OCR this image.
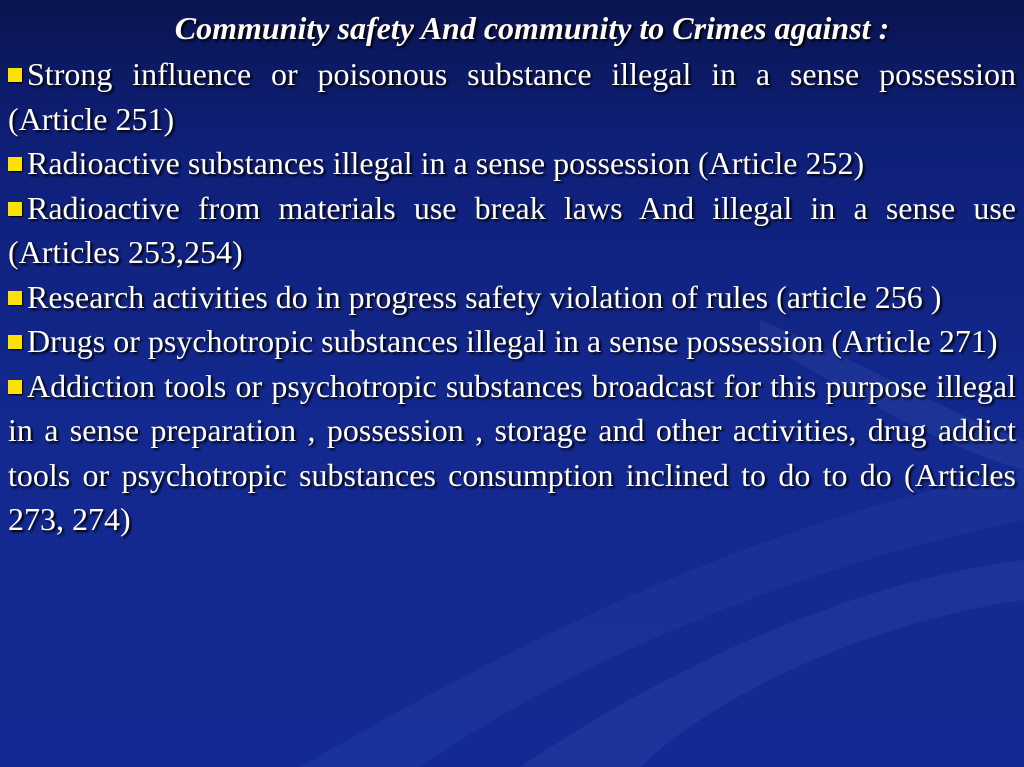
Community safety And community to Crimes against :

Strong influence or poisonous substance illegal in a sense possession (Article 251)

Radioactive substances illegal in a sense possession (Article 252)

Radioactive from materials use break laws And illegal in a sense use (Articles 253,254)

Research activities do in progress safety violation of rules (article 256 )

Drugs or psychotropic substances illegal in a sense possession (Article 271)

Addiction tools or psychotropic substances broadcast for this purpose illegal in a sense preparation , possession , storage and other activities, drug addict tools or psychotropic substances consumption inclined to do to do (Articles 273, 274)
